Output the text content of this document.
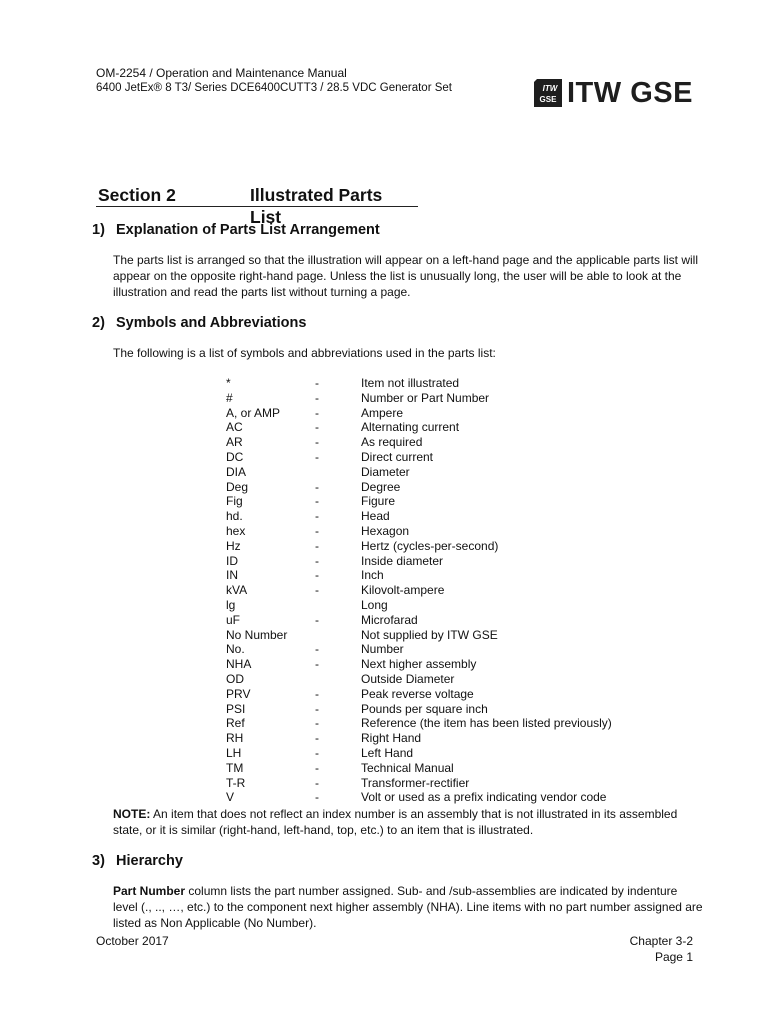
OM-2254 / Operation and Maintenance Manual
6400 JetEx® 8 T3/ Series DCE6400CUTT3 / 28.5 VDC Generator Set	ITW
GSE ITW GSE
Section 2	Illustrated Parts List
1) Explanation of Parts List Arrangement
The parts list is arranged so that the illustration will appear on a left-hand page and the applicable parts list will appear on the opposite right-hand page. Unless the list is unusually long, the user will be able to look at the illustration and read the parts list without turning a page.
2) Symbols and Abbreviations
The following is a list of symbols and abbreviations used in the parts list:
*	-	Item not illustrated
#	-	Number or Part Number
A, or AMP	-	Ampere
AC	-	Alternating current
AR	-	As required
DC	-	Direct current
DIA	Diameter
Deg	-	Degree
Fig	-	Figure
hd.	-	Head
hex	-	Hexagon
Hz	-	Hertz (cycles-per-second)
ID	-	Inside diameter
IN	-	Inch
kVA	-	Kilovolt-ampere
lg	Long
uF	-	Microfarad
No Number	Not supplied by ITW GSE
No.	-	Number
NHA	-	Next higher assembly
OD	Outside Diameter
PRV	-	Peak reverse voltage
PSI	-	Pounds per square inch
Ref	-	Reference (the item has been listed previously)
RH	-	Right Hand
LH	-	Left Hand
TM	-	Technical Manual
T-R	-	Transformer-rectifier
V	-	Volt or used as a prefix indicating vendor code
NOTE: An item that does not reflect an index number is an assembly that is not illustrated in its assembled state, or it is similar (right-hand, left-hand, top, etc.) to an item that is illustrated.
3) Hierarchy
Part Number column lists the part number assigned. Sub- and /sub-assemblies are indicated by indenture level (., .., …, etc.) to the component next higher assembly (NHA). Line items with no part number assigned are listed as Non Applicable (No Number).
October 2017	Chapter 3-2
Page 1
